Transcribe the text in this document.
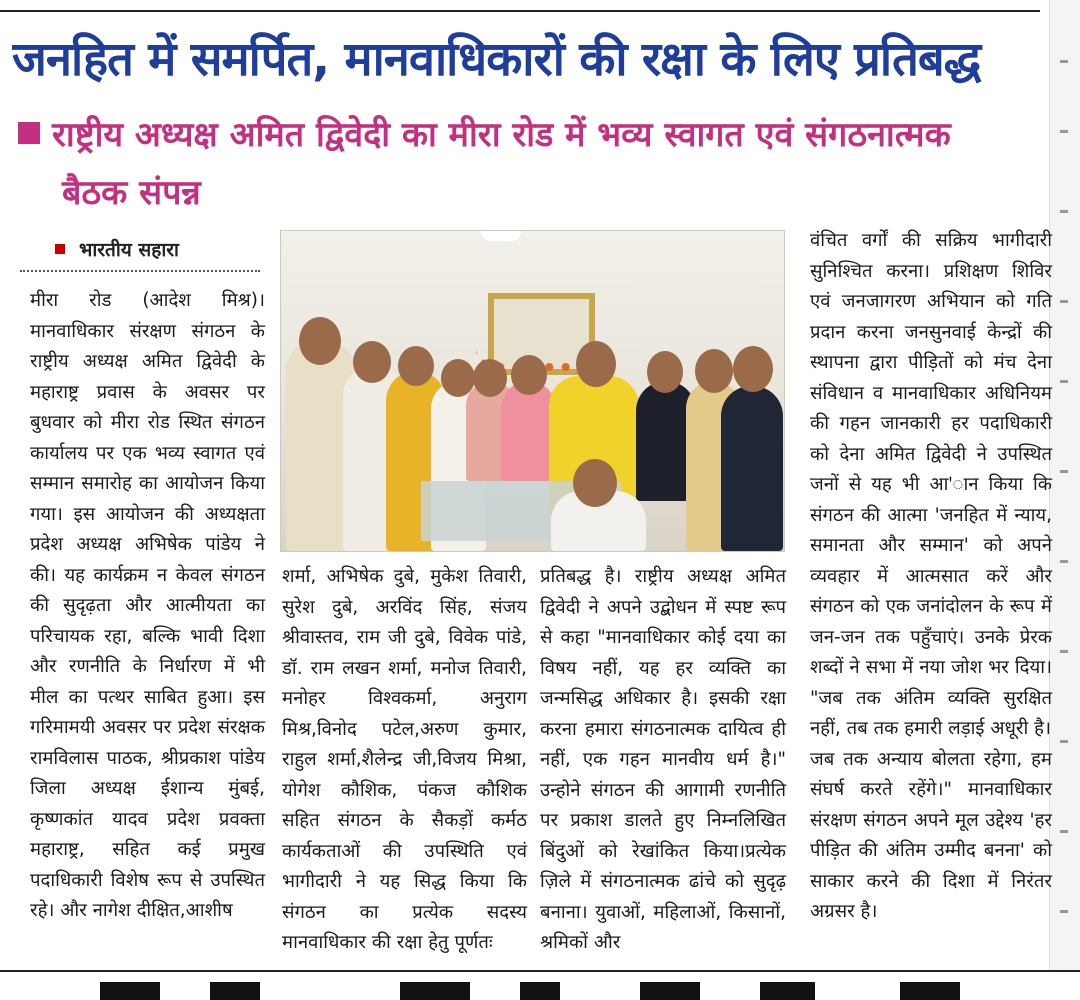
जनहित में समर्पित, मानवाधिकारों की रक्षा के लिए प्रतिबद्ध
राष्ट्रीय अध्यक्ष अमित द्विवेदी का मीरा रोड में भव्य स्वागत एवं संगठनात्मक
बैठक संपन्न
भारतीय सहारा

मीरा रोड (आदेश मिश्र)। मानवाधिकार संरक्षण संगठन के राष्ट्रीय अध्यक्ष अमित द्विवेदी के महाराष्ट्र प्रवास के अवसर पर बुधवार को मीरा रोड स्थित संगठन कार्यालय पर एक भव्य स्वागत एवं सम्मान समारोह का आयोजन किया गया। इस आयोजन की अध्यक्षता प्रदेश अध्यक्ष अभिषेक पांडेय ने की। यह कार्यक्रम न केवल संगठन की सुदृढ़ता और आत्मीयता का परिचायक रहा, बल्कि भावी दिशा और रणनीति के निर्धारण में भी मील का पत्थर साबित हुआ। इस गरिमामयी अवसर पर प्रदेश संरक्षक रामविलास पाठक, श्रीप्रकाश पांडेय जिला अध्यक्ष ईशान्य मुंबई, कृष्णकांत यादव प्रदेश प्रवक्ता महाराष्ट्र, सहित कई प्रमुख पदाधिकारी विशेष रूप से उपस्थित रहे। और नागेश दीक्षित,आशीष

शर्मा, अभिषेक दुबे, मुकेश तिवारी, सुरेश दुबे, अरविंद सिंह, संजय श्रीवास्तव, राम जी दुबे, विवेक पांडे, डॉ. राम लखन शर्मा, मनोज तिवारी, मनोहर विश्वकर्मा, अनुराग मिश्र,विनोद पटेल,अरुण कुमार, राहुल शर्मा,शैलेन्द्र जी,विजय मिश्रा, योगेश कौशिक, पंकज कौशिक सहित संगठन के सैकड़ों कर्मठ कार्यकताओं की उपस्थिति एवं भागीदारी ने यह सिद्ध किया कि संगठन का प्रत्येक सदस्य मानवाधिकार की रक्षा हेतु पूर्णतः

प्रतिबद्ध है। राष्ट्रीय अध्यक्ष अमित द्विवेदी ने अपने उद्बोधन में स्पष्ट रूप से कहा "मानवाधिकार कोई दया का विषय नहीं, यह हर व्यक्ति का जन्मसिद्ध अधिकार है। इसकी रक्षा करना हमारा संगठनात्मक दायित्व ही नहीं, एक गहन मानवीय धर्म है।" उन्होने संगठन की आगामी रणनीति पर प्रकाश डालते हुए निम्नलिखित बिंदुओं को रेखांकित किया।प्रत्येक ज़िले में संगठनात्मक ढांचे को सुदृढ़ बनाना। युवाओं, महिलाओं, किसानों, श्रमिकों और

वंचित वर्गों की सक्रिय भागीदारी सुनिश्चित करना। प्रशिक्षण शिविर एवं जनजागरण अभियान को गति प्रदान करना जनसुनवाई केन्द्रों की स्थापना द्वारा पीड़ितों को मंच देना संविधान व मानवाधिकार अधिनियम की गहन जानकारी हर पदाधिकारी को देना अमित द्विवेदी ने उपस्थित जनों से यह भी आ'ान किया कि संगठन की आत्मा 'जनहित में न्याय, समानता और सम्मान' को अपने व्यवहार में आत्मसात करें और संगठन को एक जनांदोलन के रूप में जन-जन तक पहुँचाएं। उनके प्रेरक शब्दों ने सभा में नया जोश भर दिया। "जब तक अंतिम व्यक्ति सुरक्षित नहीं, तब तक हमारी लड़ाई अधूरी है।

जब तक अन्याय बोलता रहेगा, हम संघर्ष करते रहेंगे।" मानवाधिकार संरक्षण संगठन अपने मूल उद्देश्य 'हर पीड़ित की अंतिम उम्मीद बनना' को साकार करने की दिशा में निरंतर अग्रसर है।
